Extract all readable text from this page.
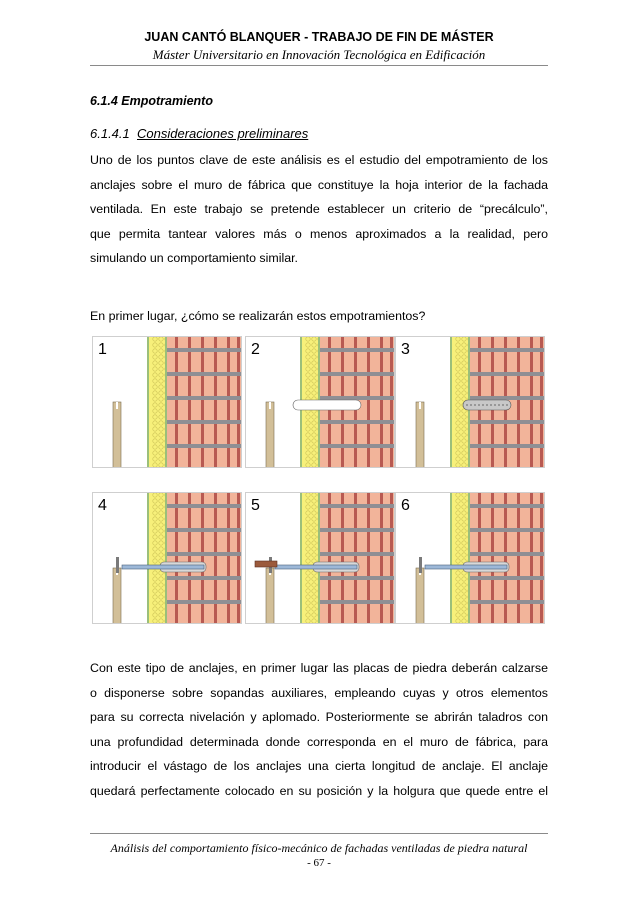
JUAN CANTÓ BLANQUER - TRABAJO DE FIN DE MÁSTER
Máster Universitario en Innovación Tecnológica en Edificación
6.1.4 Empotramiento
6.1.4.1 Consideraciones preliminares
Uno de los puntos clave de este análisis es el estudio del empotramiento de los
anclajes sobre el muro de fábrica que constituye la hoja interior de la fachada
ventilada. En este trabajo se pretende establecer un criterio de “precálculo”,
que permita tantear valores más o menos aproximados a la realidad, pero
simulando un comportamiento similar.
En primer lugar, ¿cómo se realizarán estos empotramientos?
1	2	3
4	5	6
Con este tipo de anclajes, en primer lugar las placas de piedra deberán calzarse
o disponerse sobre sopandas auxiliares, empleando cuyas y otros elementos
para su correcta nivelación y aplomado. Posteriormente se abrirán taladros con
una profundidad determinada donde corresponda en el muro de fábrica, para
introducir el vástago de los anclajes una cierta longitud de anclaje. El anclaje
quedará perfectamente colocado en su posición y la holgura que quede entre el
Análisis del comportamiento físico-mecánico de fachadas ventiladas de piedra natural
- 67 -
